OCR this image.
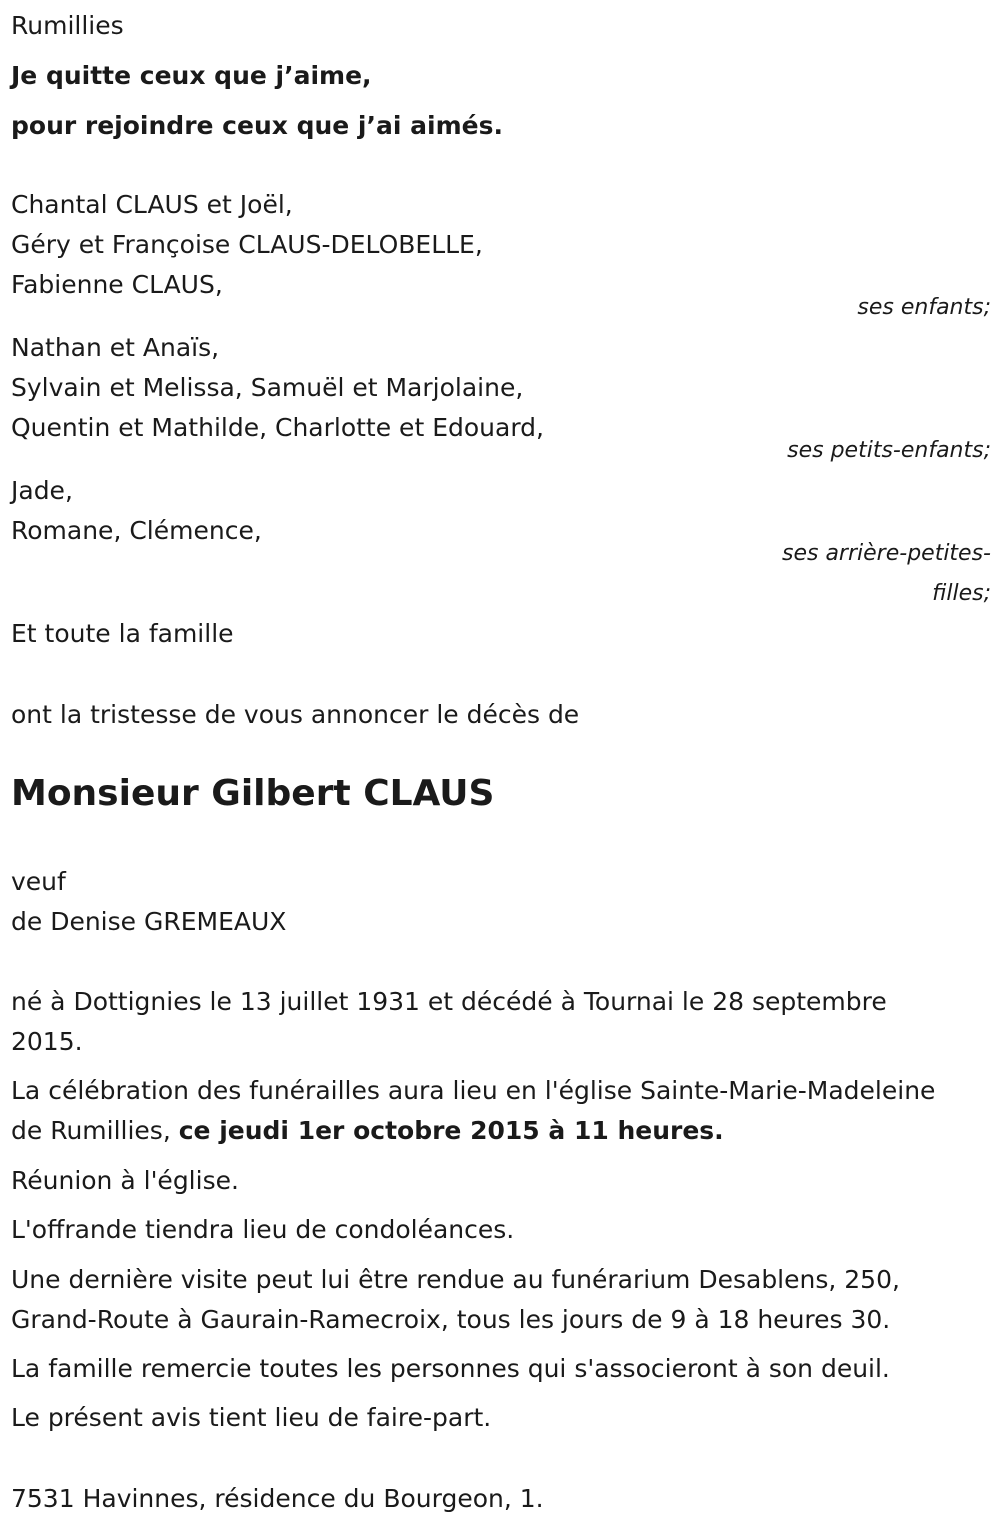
Rumillies
Je quitte ceux que j’aime,
pour rejoindre ceux que j’ai aimés.
Chantal CLAUS et Joël,
Géry et Françoise CLAUS-DELOBELLE,
Fabienne CLAUS,
ses enfants;
Nathan et Anaïs,
Sylvain et Melissa, Samuël et Marjolaine,
Quentin et Mathilde, Charlotte et Edouard,
ses petits-enfants;
Jade,
Romane, Clémence,
ses arrière-petites-
filles;
Et toute la famille
ont la tristesse de vous annoncer le décès de
Monsieur Gilbert CLAUS
veuf
de Denise GREMEAUX
né à Dottignies le 13 juillet 1931 et décédé à Tournai le 28 septembre
2015.
La célébration des funérailles aura lieu en l'église Sainte-Marie-Madeleine
de Rumillies, ce jeudi 1er octobre 2015 à 11 heures.
Réunion à l'église.
L'offrande tiendra lieu de condoléances.
Une dernière visite peut lui être rendue au funérarium Desablens, 250,
Grand-Route à Gaurain-Ramecroix, tous les jours de 9 à 18 heures 30.
La famille remercie toutes les personnes qui s'associeront à son deuil.
Le présent avis tient lieu de faire-part.
7531 Havinnes, résidence du Bourgeon, 1.
